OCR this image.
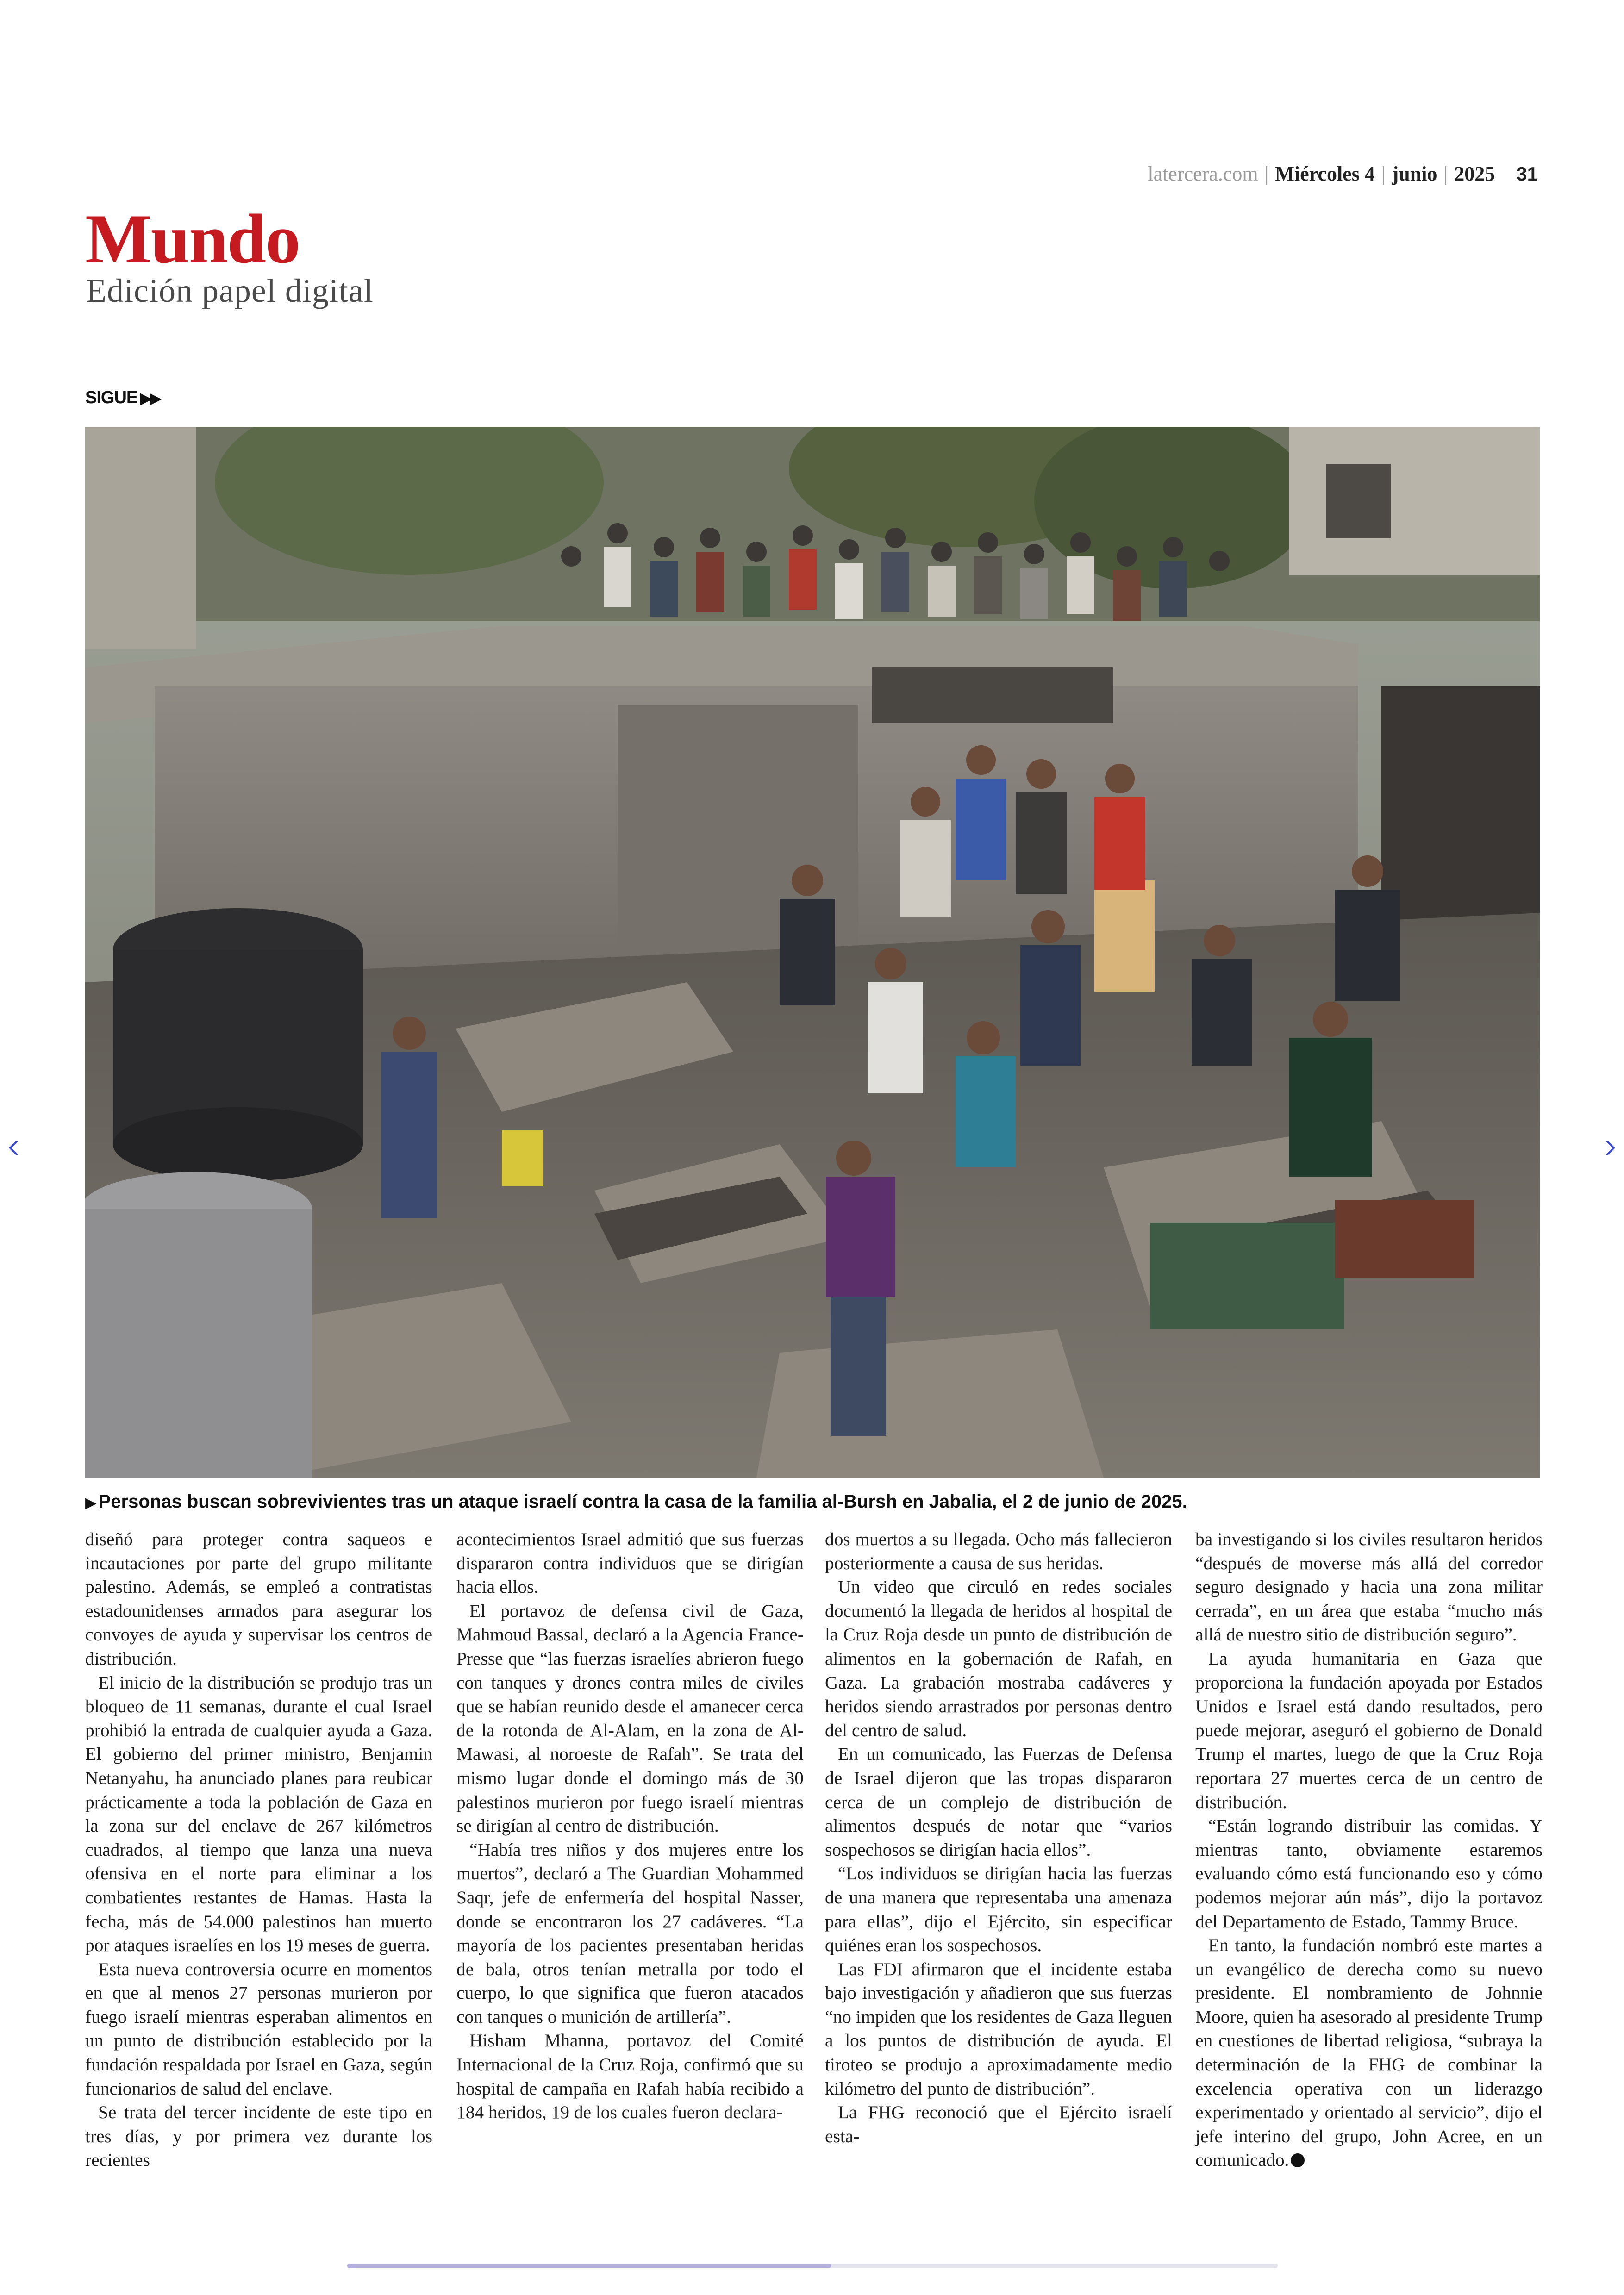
latercera.com | Miércoles 4 | junio | 2025 31
Mundo
Edición papel digital
SIGUE ▶▶
▶ Personas buscan sobrevivientes tras un ataque israelí contra la casa de la familia al-Bursh en Jabalia, el 2 de junio de 2025.

diseñó para proteger contra saqueos e incautaciones por parte del grupo militante palestino. Además, se empleó a contratistas estadounidenses armados para asegurar los convoyes de ayuda y supervisar los centros de distribución.

El inicio de la distribución se produjo tras un bloqueo de 11 semanas, durante el cual Israel prohibió la entrada de cualquier ayuda a Gaza. El gobierno del primer ministro, Benjamin Netanyahu, ha anunciado planes para reubicar prácticamente a toda la población de Gaza en la zona sur del enclave de 267 kilómetros cuadrados, al tiempo que lanza una nueva ofensiva en el norte para eliminar a los combatientes restantes de Hamas. Hasta la fecha, más de 54.000 palestinos han muerto por ataques israelíes en los 19 meses de guerra.

Esta nueva controversia ocurre en momentos en que al menos 27 personas murieron por fuego israelí mientras esperaban alimentos en un punto de distribución establecido por la fundación respaldada por Israel en Gaza, según funcionarios de salud del enclave.

Se trata del tercer incidente de este tipo en tres días, y por primera vez durante los recientes

acontecimientos Israel admitió que sus fuerzas dispararon contra individuos que se dirigían hacia ellos.

El portavoz de defensa civil de Gaza, Mahmoud Bassal, declaró a la Agencia France-Presse que “las fuerzas israelíes abrieron fuego con tanques y drones contra miles de civiles que se habían reunido desde el amanecer cerca de la rotonda de Al-Alam, en la zona de Al-Mawasi, al noroeste de Rafah”. Se trata del mismo lugar donde el domingo más de 30 palestinos murieron por fuego israelí mientras se dirigían al centro de distribución.

“Había tres niños y dos mujeres entre los muertos”, declaró a The Guardian Mohammed Saqr, jefe de enfermería del hospital Nasser, donde se encontraron los 27 cadáveres. “La mayoría de los pacientes presentaban heridas de bala, otros tenían metralla por todo el cuerpo, lo que significa que fueron atacados con tanques o munición de artillería”.

Hisham Mhanna, portavoz del Comité Internacional de la Cruz Roja, confirmó que su hospital de campaña en Rafah había recibido a 184 heridos, 19 de los cuales fueron declara-

dos muertos a su llegada. Ocho más fallecieron posteriormente a causa de sus heridas.

Un video que circuló en redes sociales documentó la llegada de heridos al hospital de la Cruz Roja desde un punto de distribución de alimentos en la gobernación de Rafah, en Gaza. La grabación mostraba cadáveres y heridos siendo arrastrados por personas dentro del centro de salud.

En un comunicado, las Fuerzas de Defensa de Israel dijeron que las tropas dispararon cerca de un complejo de distribución de alimentos después de notar que “varios sospechosos se dirigían hacia ellos”.

“Los individuos se dirigían hacia las fuerzas de una manera que representaba una amenaza para ellas”, dijo el Ejército, sin especificar quiénes eran los sospechosos.

Las FDI afirmaron que el incidente estaba bajo investigación y añadieron que sus fuerzas “no impiden que los residentes de Gaza lleguen a los puntos de distribución de ayuda. El tiroteo se produjo a aproximadamente medio kilómetro del punto de distribución”.

La FHG reconoció que el Ejército israelí esta-

ba investigando si los civiles resultaron heridos “después de moverse más allá del corredor seguro designado y hacia una zona militar cerrada”, en un área que estaba “mucho más allá de nuestro sitio de distribución seguro”.

La ayuda humanitaria en Gaza que proporciona la fundación apoyada por Estados Unidos e Israel está dando resultados, pero puede mejorar, aseguró el gobierno de Donald Trump el martes, luego de que la Cruz Roja reportara 27 muertes cerca de un centro de distribución.

“Están logrando distribuir las comidas. Y mientras tanto, obviamente estaremos evaluando cómo está funcionando eso y cómo podemos mejorar aún más”, dijo la portavoz del Departamento de Estado, Tammy Bruce.

En tanto, la fundación nombró este martes a un evangélico de derecha como su nuevo presidente. El nombramiento de Johnnie Moore, quien ha asesorado al presidente Trump en cuestiones de libertad religiosa, “subraya la determinación de la FHG de combinar la excelencia operativa con un liderazgo experimentado y orientado al servicio”, dijo el jefe interino del grupo, John Acree, en un comunicado.
